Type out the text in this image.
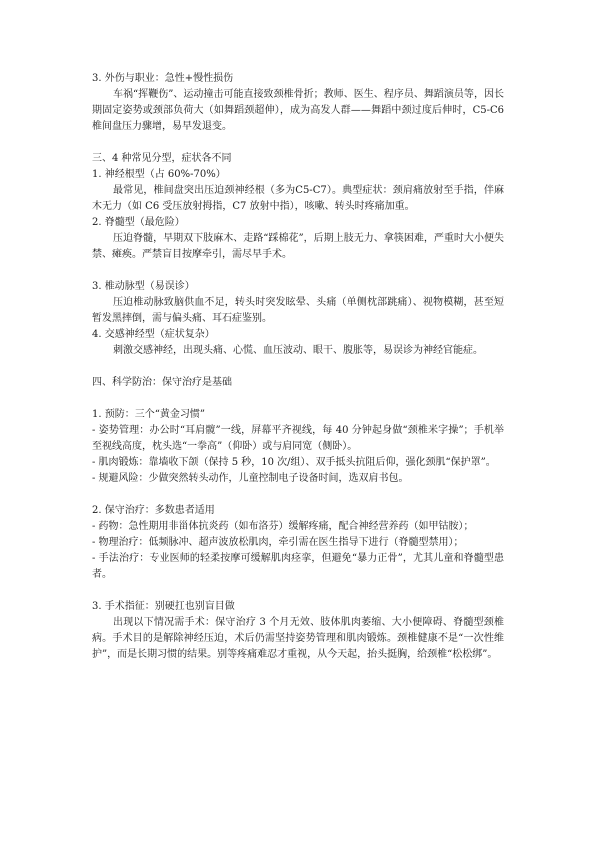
3. 外伤与职业：急性+慢性损伤

车祸“挥鞭伤”、运动撞击可能直接致颈椎骨折；教师、医生、程序员、舞蹈演员等，因长期固定姿势或颈部负荷大（如舞蹈颈超伸），成为高发人群——舞蹈中颈过度后伸时，C5-C6椎间盘压力骤增，易早发退变。

三、4 种常见分型，症状各不同

1. 神经根型（占 60%-70%）

最常见，椎间盘突出压迫颈神经根（多为C5-C7）。典型症状：颈肩痛放射至手指，伴麻木无力（如 C6 受压放射拇指，C7 放射中指），咳嗽、转头时疼痛加重。

2. 脊髓型（最危险）

压迫脊髓，早期双下肢麻木、走路“踩棉花”，后期上肢无力、拿筷困难，严重时大小便失禁、瘫痪。严禁盲目按摩牵引，需尽早手术。

3. 椎动脉型（易误诊）

压迫椎动脉致脑供血不足，转头时突发眩晕、头痛（单侧枕部跳痛）、视物模糊，甚至短暂发黑摔倒，需与偏头痛、耳石症鉴别。

4. 交感神经型（症状复杂）

刺激交感神经，出现头痛、心慌、血压波动、眼干、腹胀等，易误诊为神经官能症。

四、科学防治：保守治疗是基础

1. 预防：三个“黄金习惯”

- 姿势管理：办公时“耳肩髋”一线，屏幕平齐视线，每 40 分钟起身做“颈椎米字操”；手机举至视线高度，枕头选“一拳高”（仰卧）或与肩同宽（侧卧）。

- 肌肉锻炼：靠墙收下颌（保持 5 秒，10 次/组）、双手抵头抗阻后仰，强化颈肌“保护罩”。

- 规避风险：少做突然转头动作，儿童控制电子设备时间，选双肩书包。

2. 保守治疗：多数患者适用

- 药物：急性期用非甾体抗炎药（如布洛芬）缓解疼痛，配合神经营养药（如甲钴胺）；

- 物理治疗：低频脉冲、超声波放松肌肉，牵引需在医生指导下进行（脊髓型禁用）；

- 手法治疗：专业医师的轻柔按摩可缓解肌肉痉挛，但避免“暴力正骨”，尤其儿童和脊髓型患者。

3. 手术指征：别硬扛也别盲目做

出现以下情况需手术：保守治疗 3 个月无效、肢体肌肉萎缩、大小便障碍、脊髓型颈椎病。手术目的是解除神经压迫，术后仍需坚持姿势管理和肌肉锻炼。颈椎健康不是“一次性维护”，而是长期习惯的结果。别等疼痛难忍才重视，从今天起，抬头挺胸，给颈椎“松松绑”。
